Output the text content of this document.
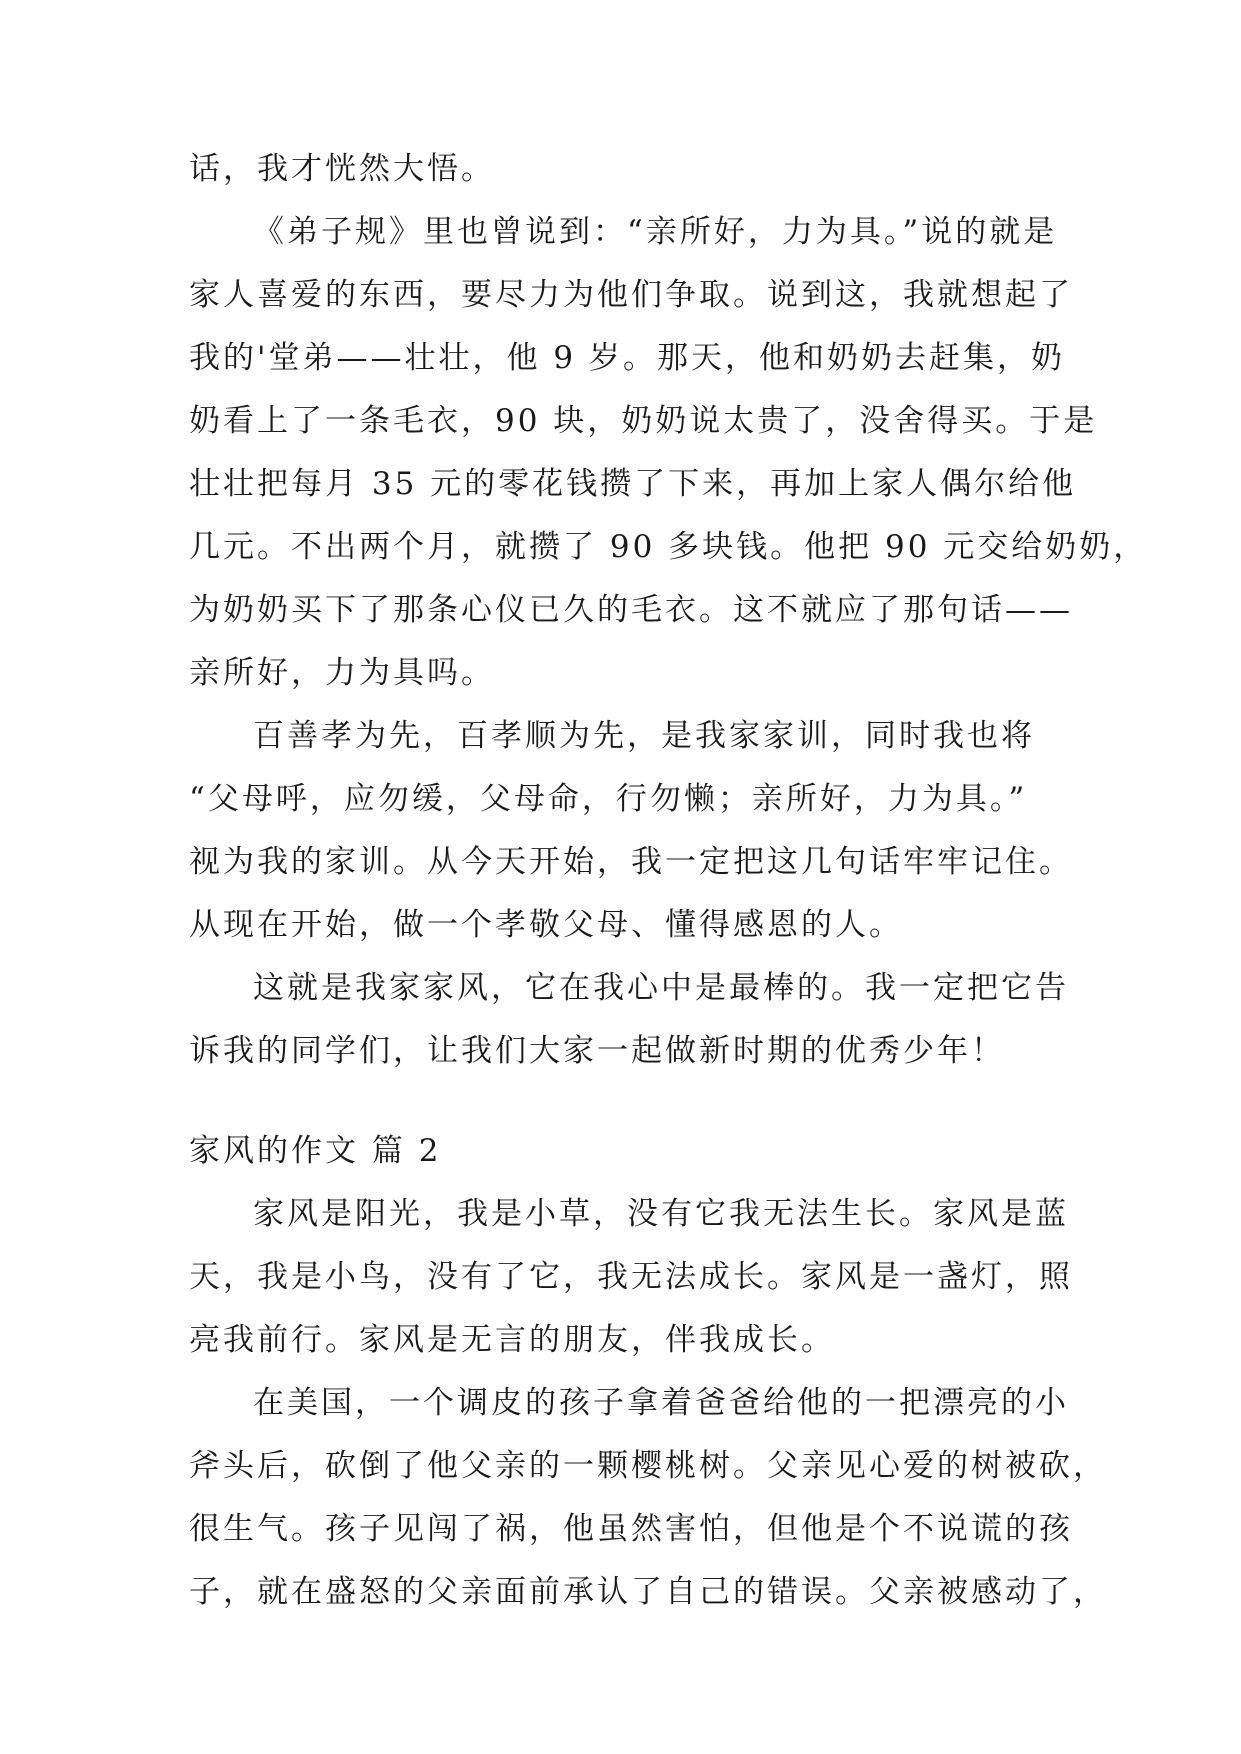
话，我才恍然大悟。
《弟子规》里也曾说到：“亲所好，力为具。”说的就是
家人喜爱的东西，要尽力为他们争取。说到这，我就想起了
我的'堂弟——壮壮，他 9 岁。那天，他和奶奶去赶集，奶
奶看上了一条毛衣，90 块，奶奶说太贵了，没舍得买。于是
壮壮把每月 35 元的零花钱攒了下来，再加上家人偶尔给他
几元。不出两个月，就攒了 90 多块钱。他把 90 元交给奶奶，
为奶奶买下了那条心仪已久的毛衣。这不就应了那句话——
亲所好，力为具吗。
百善孝为先，百孝顺为先，是我家家训，同时我也将
“父母呼，应勿缓，父母命，行勿懒；亲所好，力为具。”
视为我的家训。从今天开始，我一定把这几句话牢牢记住。
从现在开始，做一个孝敬父母、懂得感恩的人。
这就是我家家风，它在我心中是最棒的。我一定把它告
诉我的同学们，让我们大家一起做新时期的优秀少年！
家风的作文 篇 2
家风是阳光，我是小草，没有它我无法生长。家风是蓝
天，我是小鸟，没有了它，我无法成长。家风是一盏灯，照
亮我前行。家风是无言的朋友，伴我成长。
在美国，一个调皮的孩子拿着爸爸给他的一把漂亮的小
斧头后，砍倒了他父亲的一颗樱桃树。父亲见心爱的树被砍，
很生气。孩子见闯了祸，他虽然害怕，但他是个不说谎的孩
子，就在盛怒的父亲面前承认了自己的错误。父亲被感动了，
